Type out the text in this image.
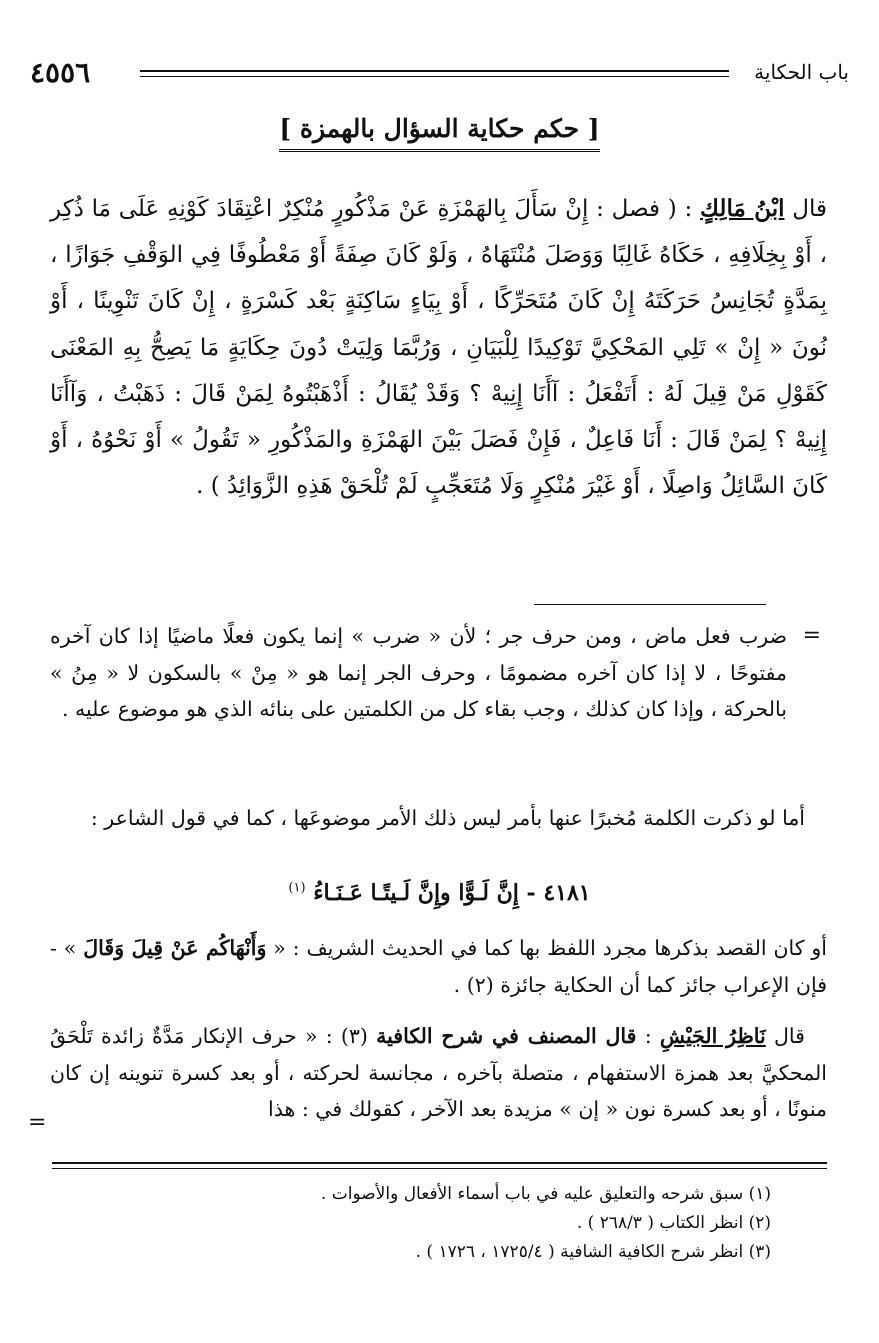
باب الحكاية
٤٥٥٦
[ حكم حكاية السؤال بالهمزة ]
قال ابْنُ مَالِكٍ : ( فصل : إِنْ سَأَلَ بِالهَمْزَةِ عَنْ مَذْكُورٍ مُنْكِرٌ اعْتِقَادَ كَوْنِهِ عَلَى مَا ذُكِر ، أَوْ بِخِلَافِهِ ، حَكَاهُ غَالِبًا وَوَصَلَ مُنْتَهَاهُ ، وَلَوْ كَانَ صِفَةً أَوْ مَعْطُوفًا فِي الوَقْفِ جَوَازًا ، بِمَدَّةٍ تُجَانِسُ حَرَكَتَهُ إِنْ كَانَ مُتَحَرِّكًا ، أَوْ بِيَاءٍ سَاكِنَةٍ بَعْد كَسْرَةٍ ، إِنْ كَانَ تَنْوِينًا ، أَوْ نُونَ « إِنْ » تَلِي المَحْكِيَّ تَوْكِيدًا لِلْبَيَانِ ، وَرُبَّمَا وَلِيَتْ دُونَ حِكَايَةٍ مَا يَصِحُّ بِهِ المَعْنَى كَقَوْلِ مَنْ قِيلَ لَهُ : أَتَفْعَلُ : آأَنَا إِنِيهْ ؟ وَقَدْ يُقَالُ : أَذْهَبْتُوهُ لِمَنْ قَالَ : ذَهَبْتُ ، وَآأَنَا إِنِيهْ ؟ لِمَنْ قَالَ : أَنَا فَاعِلٌ ، فَإِنْ فَصَلَ بَيْنَ الهَمْزَةِ والمَذْكُورِ « تَقُولُ » أَوْ نَحْوُهُ ، أَوْ كَانَ السَّائِلُ وَاصِلًا ، أَوْ غَيْرَ مُنْكِرٍ وَلَا مُتَعَجِّبٍ لَمْ تُلْحَقْ هَذِهِ الزَّوَائِدُ ) .
=

ضرب فعل ماض ، ومن حرف جر ؛ لأن « ضرب » إنما يكون فعلًا ماضيًا إذا كان آخره مفتوحًا ، لا إذا كان آخره مضمومًا ، وحرف الجر إنما هو « مِنْ » بالسكون لا « مِنُ » بالحركة ، وإذا كان كذلك ، وجب بقاء كل من الكلمتين على بنائه الذي هو موضوع عليه .

أما لو ذكرت الكلمة مُخبرًا عنها بأمر ليس ذلك الأمر موضوعَها ، كما في قول الشاعر :

٤١٨١ - إِنَّ لَـوًّا وإِنَّ لَـيتًـا عَـنَـاءُ $^{(١)}$
أو كان القصد بذكرها مجرد اللفظ بها كما في الحديث الشريف : « وَأَنْهَاكُم عَنْ قِيلَ وَقَالَ » - فإن الإعراب جائز كما أن الحكاية جائزة (٢) .
قال نَاظِرُ الجَيْشِ : قال المصنف في شرح الكافية (٣) : « حرف الإنكار مَدَّةٌ زائدة تَلْحَقُ المحكيَّ بعد همزة الاستفهام ، متصلة بآخره ، مجانسة لحركته ، أو بعد كسرة تنوينه إن كان منونًا ، أو بعد كسرة نون « إن » مزيدة بعد الآخر ، كقولك في : هذا
=

(١) سبق شرحه والتعليق عليه في باب أسماء الأفعال والأصوات .

(٢) انظر الكتاب ( ٢٦٨/٣ ) .

(٣) انظر شرح الكافية الشافية ( ١٧٢٥/٤ ، ١٧٢٦ ) .
